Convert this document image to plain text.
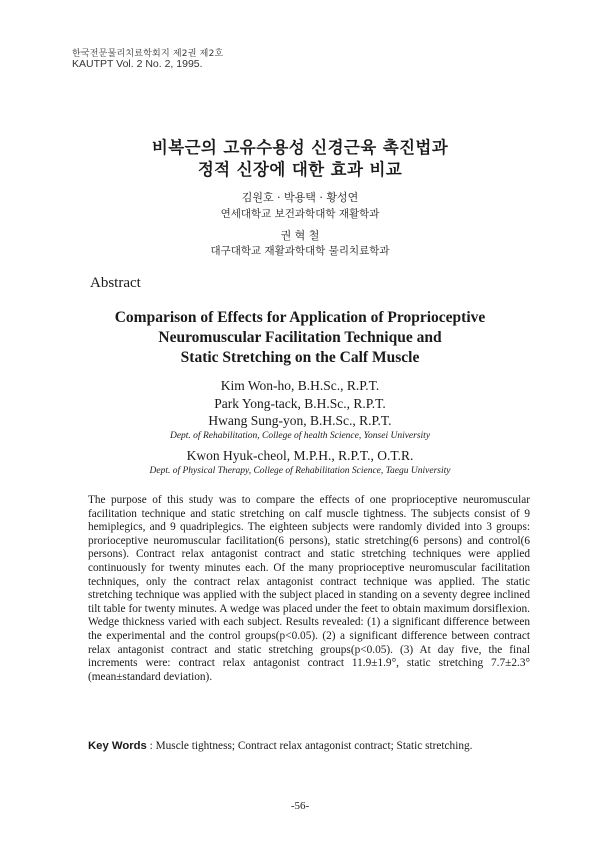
한국전문물리치료학회지 제2권 제2호
KAUTPT Vol. 2 No. 2, 1995.
비복근의 고유수용성 신경근육 촉진법과
정적 신장에 대한 효과 비교
김원호 · 박용택 · 황성연
연세대학교 보건과학대학 재활학과
권 혁 철
대구대학교 재활과학대학 물리치료학과
Abstract
Comparison of Effects for Application of Proprioceptive
Neuromuscular Facilitation Technique and
Static Stretching on the Calf Muscle
Kim Won-ho, B.H.Sc., R.P.T.
Park Yong-tack, B.H.Sc., R.P.T.
Hwang Sung-yon, B.H.Sc., R.P.T.
Dept. of Rehabilitation, College of health Science, Yonsei University
Kwon Hyuk-cheol, M.P.H., R.P.T., O.T.R.
Dept. of Physical Therapy, College of Rehabilitation Science, Taegu University

The purpose of this study was to compare the effects of one proprioceptive neuromuscular facilitation technique and static stretching on calf muscle tightness. The subjects consist of 9 hemiplegics, and 9 quadriplegics. The eighteen subjects were randomly divided into 3 groups: prorioceptive neuromuscular facilitation(6 persons), static stretching(6 persons) and control(6 persons). Contract relax antagonist contract and static stretching techniques were applied continuously for twenty minutes each. Of the many proprioceptive neuromuscular facilitation techniques, only the contract relax antagonist contract technique was applied. The static stretching technique was applied with the subject placed in standing on a seventy degree inclined tilt table for twenty minutes. A wedge was placed under the feet to obtain maximum dorsiflexion. Wedge thickness varied with each subject. Results revealed: (1) a significant difference between the experimental and the control groups(p<0.05). (2) a significant difference between contract relax antagonist contract and static stretching groups(p<0.05). (3) At day five, the final increments were: contract relax antagonist contract 11.9±1.9°, static stretching 7.7±2.3°(mean±standard deviation).

Key Words : Muscle tightness; Contract relax antagonist contract; Static stretching.
-56-
